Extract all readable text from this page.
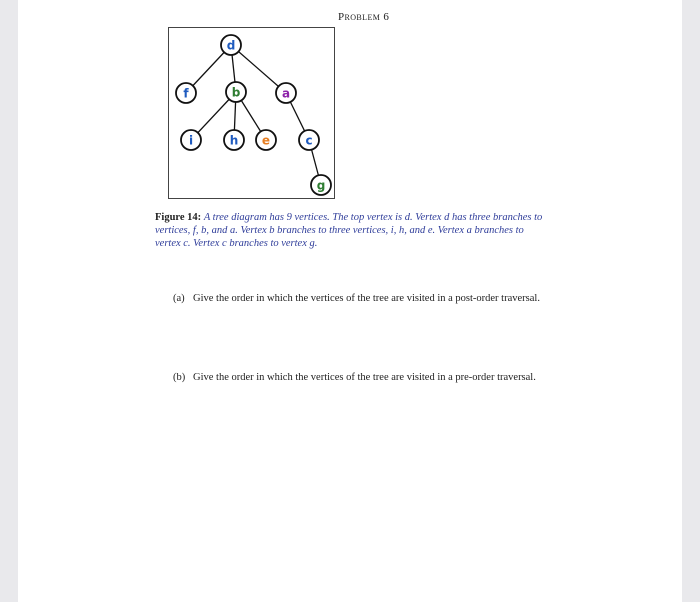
Problem 6
d
f	b	a
i	h e	c
g
Figure 14: A tree diagram has 9 vertices. The top vertex is d. Vertex d has three branches to vertices, f, b, and a. Vertex b branches to three vertices, i, h, and e. Vertex a branches to vertex c. Vertex c branches to vertex g.
(a) Give the order in which the vertices of the tree are visited in a post-order traversal.
(b) Give the order in which the vertices of the tree are visited in a pre-order traversal.
